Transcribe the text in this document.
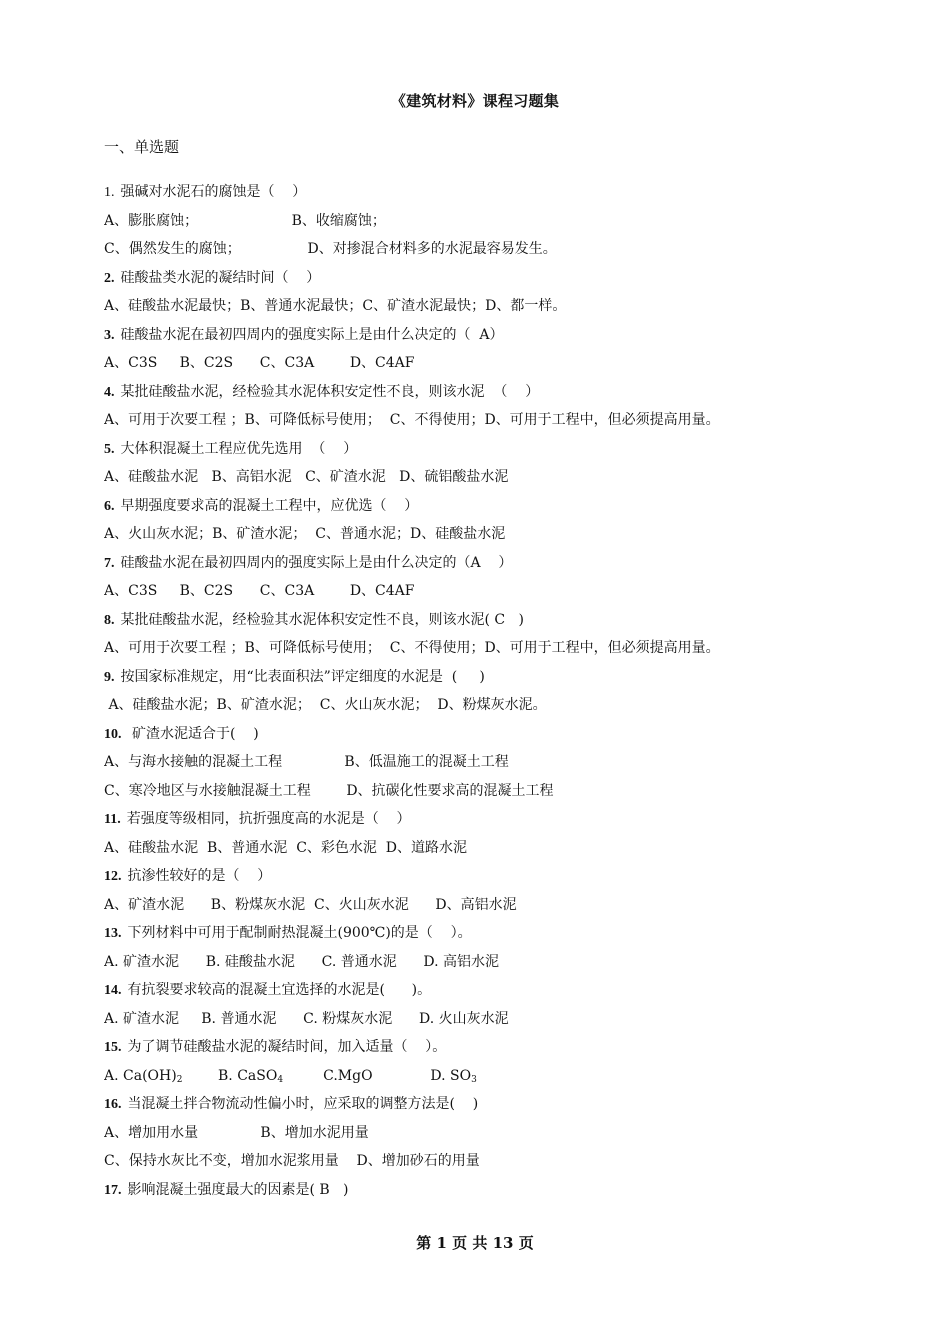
《建筑材料》课程习题集
一、单选题
1. 强碱对水泥石的腐蚀是（    ）
A、膨胀腐蚀；                     B、收缩腐蚀；
C、偶然发生的腐蚀；               D、对掺混合材料多的水泥最容易发生。
2. 硅酸盐类水泥的凝结时间（    ）
A、硅酸盐水泥最快；B、普通水泥最快；C、矿渣水泥最快；D、都一样。
3. 硅酸盐水泥在最初四周内的强度实际上是由什么决定的（  A）
A、C3S     B、C2S      C、C3A        D、C4AF
4. 某批硅酸盐水泥，经检验其水泥体积安定性不良，则该水泥  （    ）
A、可用于次要工程 ；B、可降低标号使用；  C、不得使用；D、可用于工程中，但必须提高用量。
5. 大体积混凝土工程应优先选用  （    ）
A、硅酸盐水泥   B、高铝水泥   C、矿渣水泥   D、硫铝酸盐水泥
6. 早期强度要求高的混凝土工程中，应优选（    ）
A、火山灰水泥；B、矿渣水泥；  C、普通水泥；D、硅酸盐水泥
7. 硅酸盐水泥在最初四周内的强度实际上是由什么决定的（A    ）
A、C3S     B、C2S      C、C3A        D、C4AF
8. 某批硅酸盐水泥，经检验其水泥体积安定性不良，则该水泥( C   )
A、可用于次要工程 ；B、可降低标号使用；  C、不得使用；D、可用于工程中，但必须提高用量。
9. 按国家标准规定，用“比表面积法”评定细度的水泥是  (     )
A、硅酸盐水泥；B、矿渣水泥；  C、火山灰水泥；  D、粉煤灰水泥。
10. 矿渣水泥适合于(    )
A、与海水接触的混凝土工程              B、低温施工的混凝土工程
C、寒冷地区与水接触混凝土工程        D、抗碳化性要求高的混凝土工程
11. 若强度等级相同，抗折强度高的水泥是（    ）
A、硅酸盐水泥  B、普通水泥  C、彩色水泥  D、道路水泥
12. 抗渗性较好的是（    ）
A、矿渣水泥      B、粉煤灰水泥  C、火山灰水泥      D、高铝水泥
13. 下列材料中可用于配制耐热混凝土(900℃)的是（    ）。
A. 矿渣水泥      B. 硅酸盐水泥      C. 普通水泥      D. 高铝水泥
14. 有抗裂要求较高的混凝土宜选择的水泥是(      )。
A. 矿渣水泥     B. 普通水泥      C. 粉煤灰水泥      D. 火山灰水泥
15. 为了调节硅酸盐水泥的凝结时间，加入适量（    ）。
A. $Ca(OH)_2$        B. CaSO$_4$         C.MgO             D. $SO_3$
16. 当混凝土拌合物流动性偏小时，应采取的调整方法是(    )
A、增加用水量              B、增加水泥用量
C、保持水灰比不变，增加水泥浆用量    D、增加砂石的用量
17. 影响混凝土强度最大的因素是( B   )
第 1 页 共 13 页
